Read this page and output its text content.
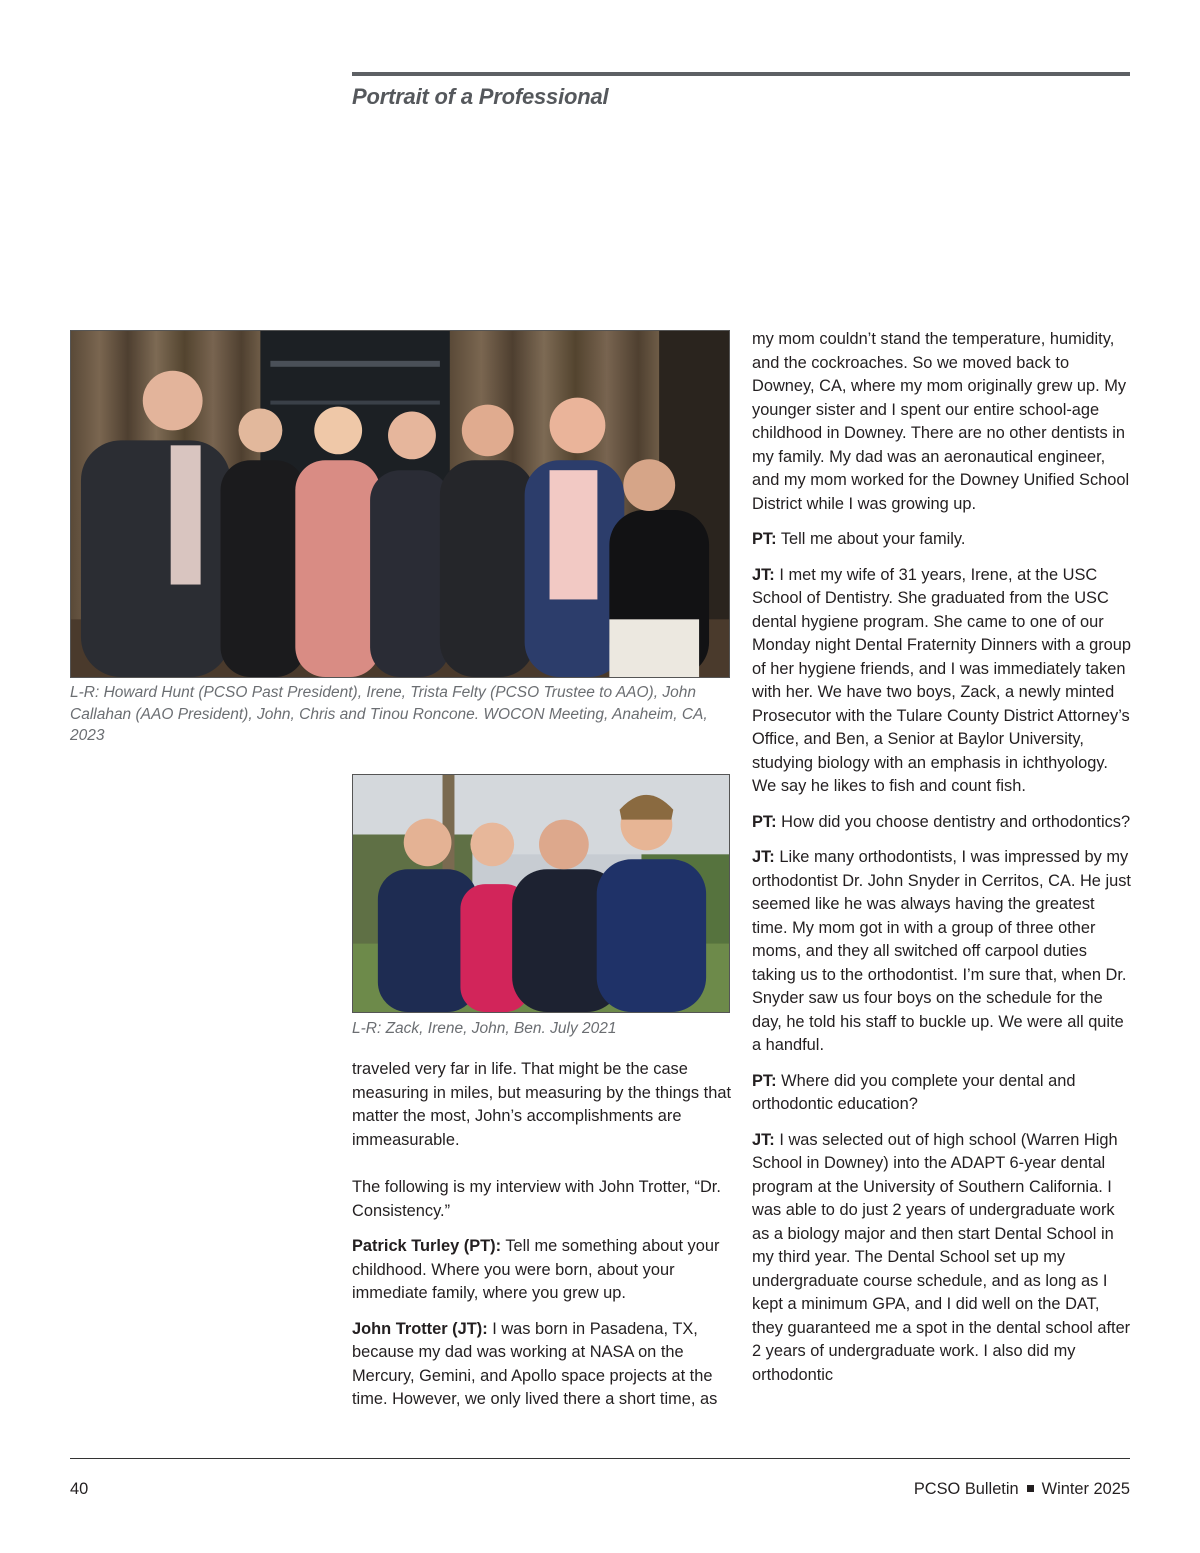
Portrait of a Professional

L-R: Howard Hunt (PCSO Past President), Irene, Trista Felty (PCSO Trustee to AAO), John Callahan (AAO President), John, Chris and Tinou Roncone. WOCON Meeting, Anaheim, CA, 2023

L-R: Zack, Irene, John, Ben. July 2021

traveled very far in life. That might be the case measuring in miles, but measuring by the things that matter the most, John’s accomplishments are immeasurable.

The following is my interview with John Trotter, “Dr. Consistency.”

Patrick Turley (PT): Tell me something about your childhood. Where you were born, about your immediate family, where you grew up.

John Trotter (JT): I was born in Pasadena, TX, because my dad was working at NASA on the Mercury, Gemini, and Apollo space projects at the time. However, we only lived there a short time, as

my mom couldn’t stand the temperature, humidity, and the cockroaches. So we moved back to Downey, CA, where my mom originally grew up. My younger sister and I spent our entire school-age childhood in Downey. There are no other dentists in my family. My dad was an aeronautical engineer, and my mom worked for the Downey Unified School District while I was growing up.

PT: Tell me about your family.

JT: I met my wife of 31 years, Irene, at the USC School of Dentistry. She graduated from the USC dental hygiene program. She came to one of our Monday night Dental Fraternity Dinners with a group of her hygiene friends, and I was immediately taken with her. We have two boys, Zack, a newly minted Prosecutor with the Tulare County District Attorney’s Office, and Ben, a Senior at Baylor University, studying biology with an emphasis in ichthyology. We say he likes to fish and count fish.

PT: How did you choose dentistry and orthodontics?

JT: Like many orthodontists, I was impressed by my orthodontist Dr. John Snyder in Cerritos, CA. He just seemed like he was always having the greatest time. My mom got in with a group of three other moms, and they all switched off carpool duties taking us to the orthodontist. I’m sure that, when Dr. Snyder saw us four boys on the schedule for the day, he told his staff to buckle up. We were all quite a handful.

PT: Where did you complete your dental and orthodontic education?

JT: I was selected out of high school (Warren High School in Downey) into the ADAPT 6-year dental program at the University of Southern California. I was able to do just 2 years of undergraduate work as a biology major and then start Dental School in my third year. The Dental School set up my undergraduate course schedule, and as long as I kept a minimum GPA, and I did well on the DAT, they guaranteed me a spot in the dental school after 2 years of undergraduate work. I also did my orthodontic

40	PCSO Bulletin Winter 2025
